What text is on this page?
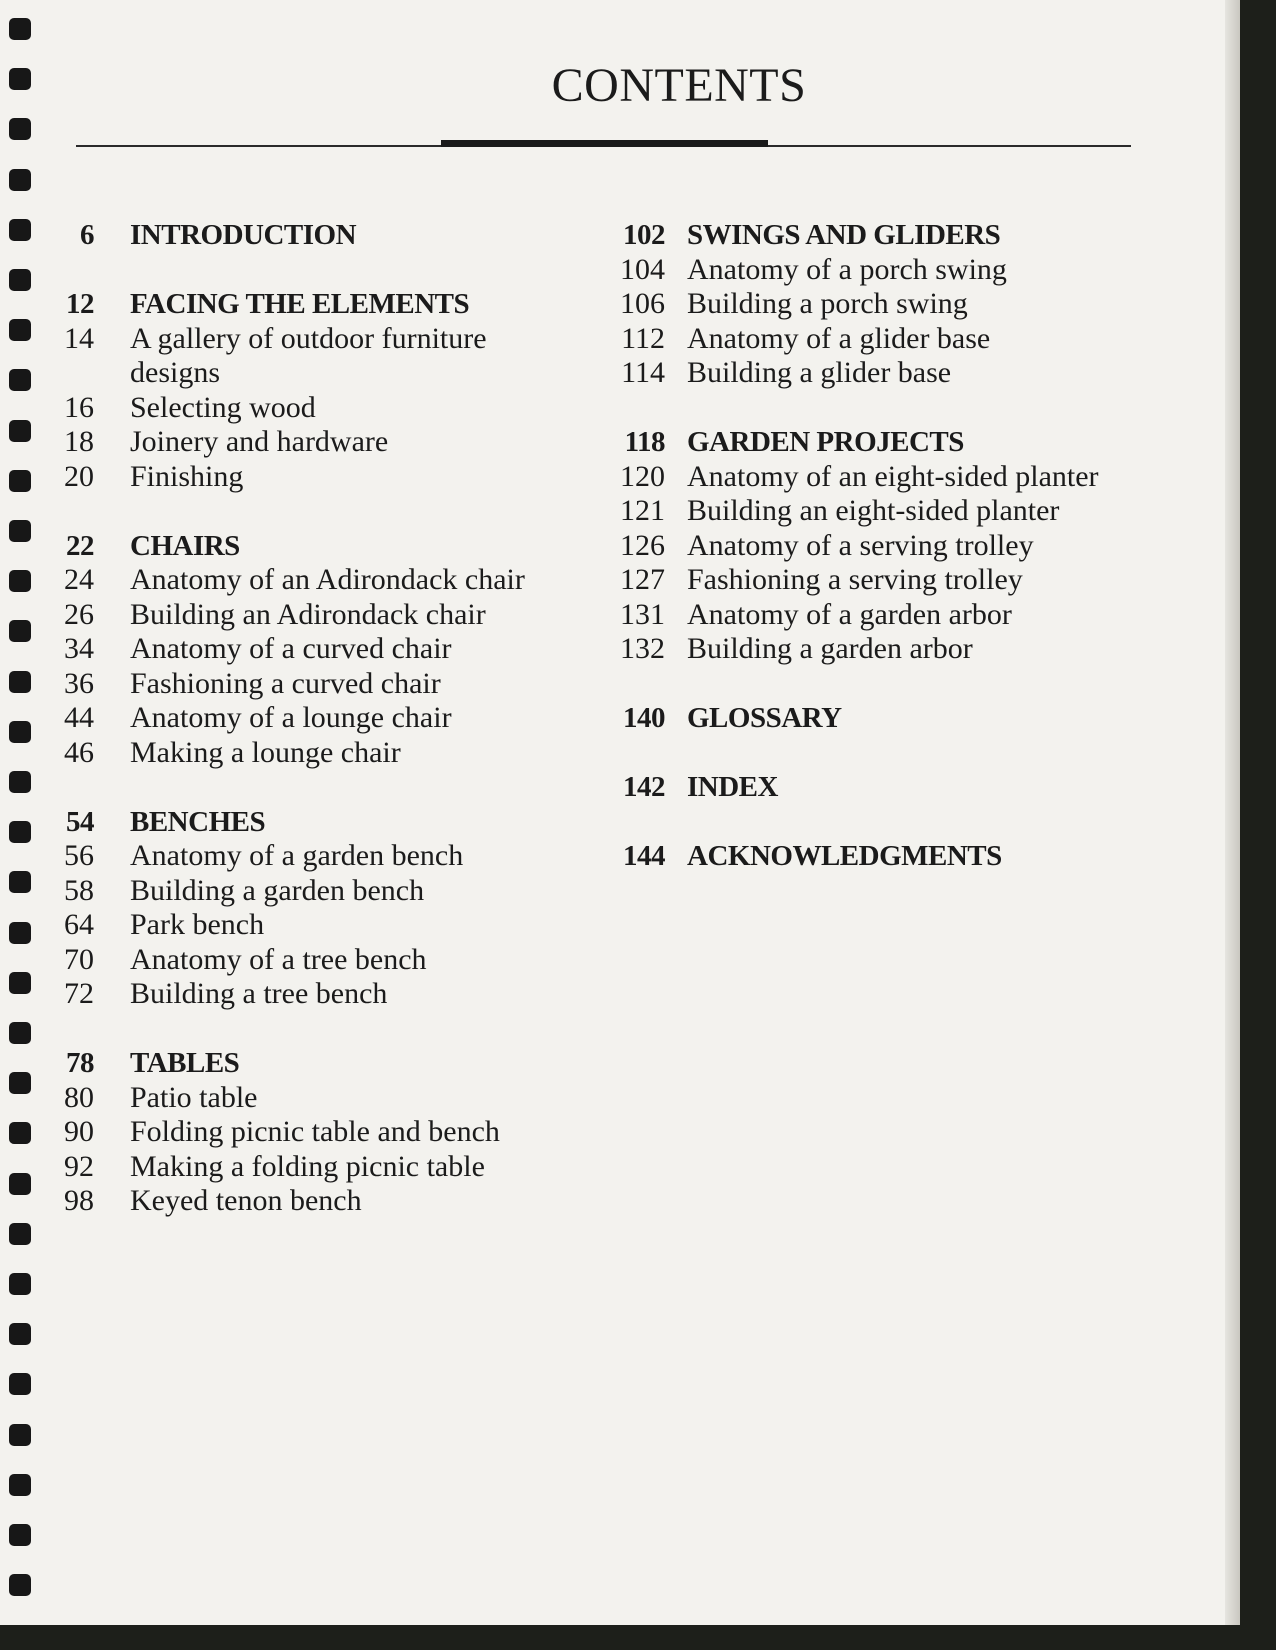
CONTENTS
6 INTRODUCTION
12 FACING THE ELEMENTS
14 A gallery of outdoor furniture designs
16 Selecting wood
18 Joinery and hardware
20 Finishing
22 CHAIRS
24 Anatomy of an Adirondack chair
26 Building an Adirondack chair
34 Anatomy of a curved chair
36 Fashioning a curved chair
44 Anatomy of a lounge chair
46 Making a lounge chair
54 BENCHES
56 Anatomy of a garden bench
58 Building a garden bench
64 Park bench
70 Anatomy of a tree bench
72 Building a tree bench
78 TABLES
80 Patio table
90 Folding picnic table and bench
92 Making a folding picnic table
98 Keyed tenon bench
102 SWINGS AND GLIDERS
104 Anatomy of a porch swing
106 Building a porch swing
112 Anatomy of a glider base
114 Building a glider base
118 GARDEN PROJECTS
120 Anatomy of an eight-sided planter
121 Building an eight-sided planter
126 Anatomy of a serving trolley
127 Fashioning a serving trolley
131 Anatomy of a garden arbor
132 Building a garden arbor
140 GLOSSARY
142 INDEX
144 ACKNOWLEDGMENTS
